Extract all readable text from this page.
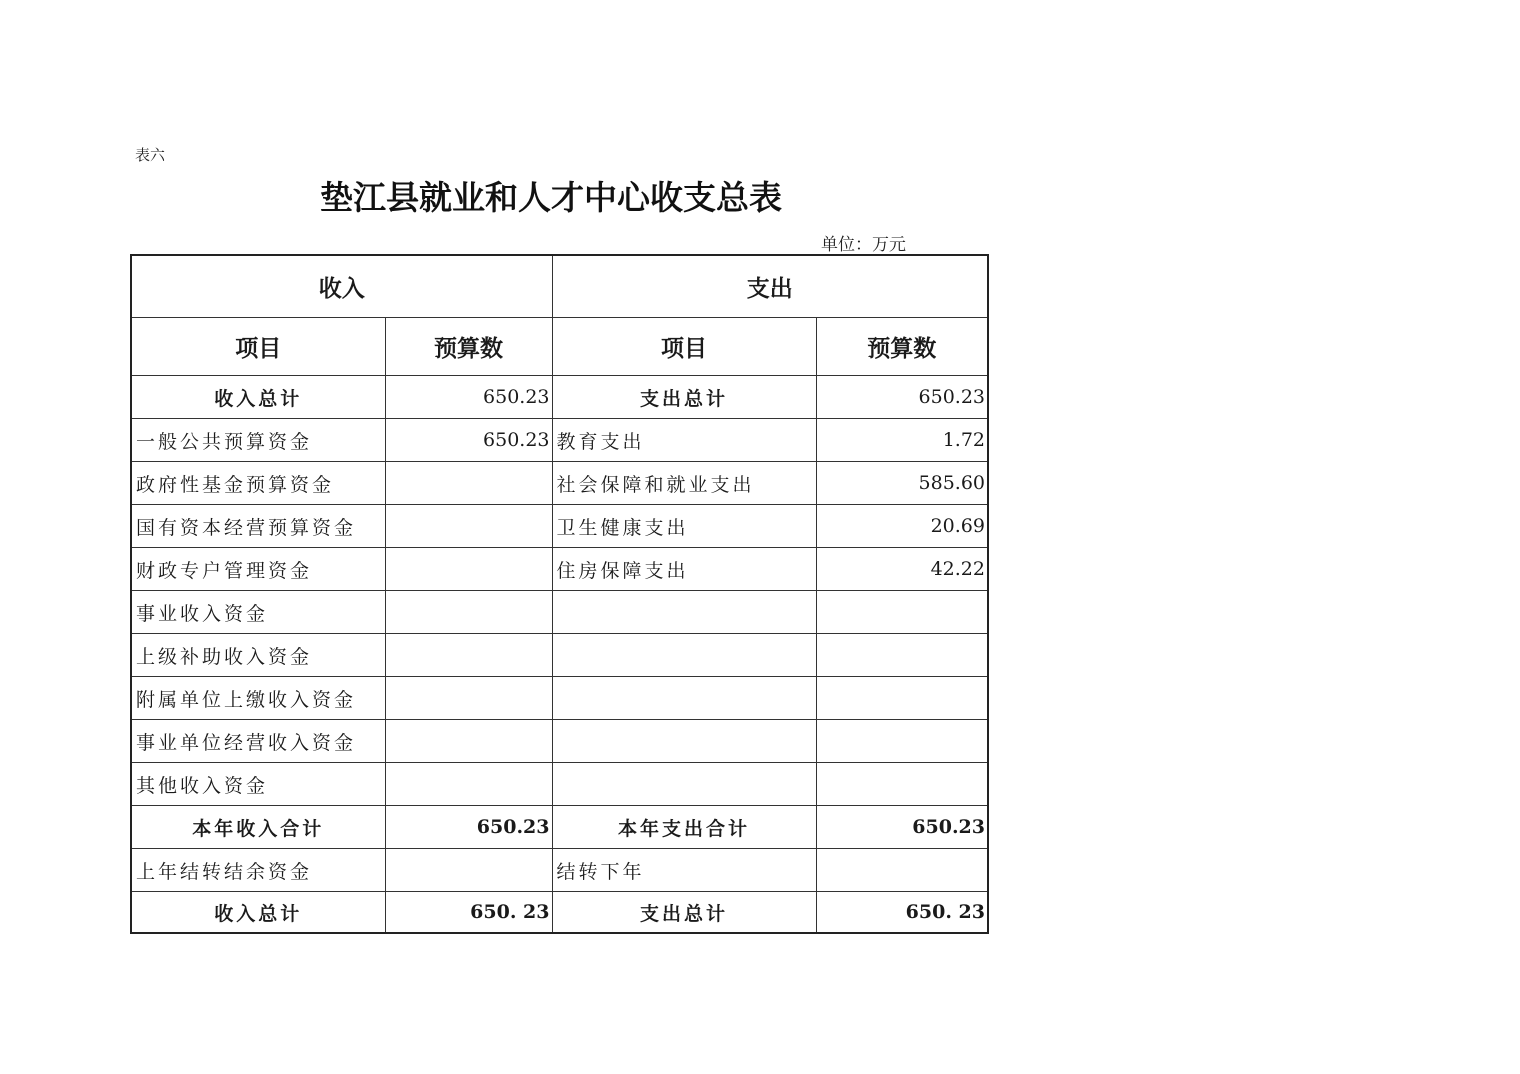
表六
垫江县就业和人才中心收支总表
单位：万元
收入		支出	
项目	预算数	项目	预算数
收入总计	650.23	支出总计	650.23
一般公共预算资金	650.23	教育支出	1.72
政府性基金预算资金		社会保障和就业支出	585.60
国有资本经营预算资金		卫生健康支出	20.69
财政专户管理资金		住房保障支出	42.22
事业收入资金			
上级补助收入资金			
附属单位上缴收入资金			
事业单位经营收入资金			
其他收入资金			
本年收入合计	650.23	本年支出合计	650.23
上年结转结余资金		结转下年	
收入总计	650. 23	支出总计	650. 23
